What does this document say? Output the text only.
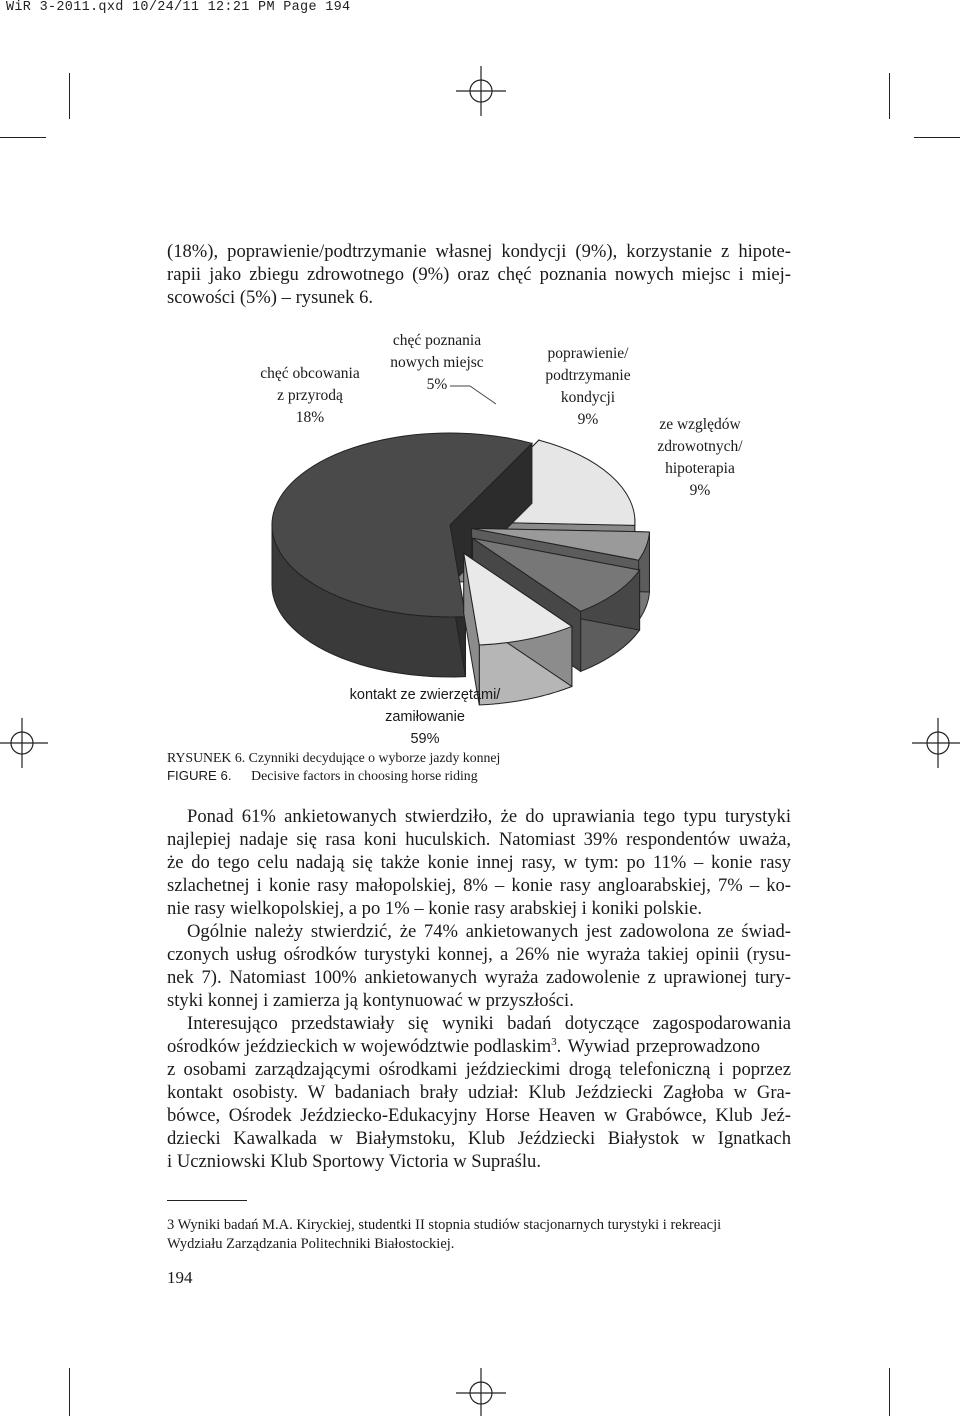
WiR 3-2011.qxd 10/24/11 12:21 PM Page 194
(18%), poprawienie/podtrzymanie własnej kondycji (9%), korzystanie z hipote-
rapii jako zbiegu zdrowotnego (9%) oraz chęć poznania nowych miejsc i miej-
scowości (5%) – rysunek 6.
chęć obcowania
z przyrodą
18%
chęć poznania
nowych miejsc
5%
poprawienie/
podtrzymanie
kondycji
9%	ze względów
zdrowotnych/
hipoterapia
9%
kontakt ze zwierzętami/
zamiłowanie
59%
RYSUNEK 6. Czynniki decydujące o wyborze jazdy konnej
FIGURE 6. Decisive factors in choosing horse riding
Ponad 61% ankietowanych stwierdziło, że do uprawiania tego typu turystyki
najlepiej nadaje się rasa koni huculskich. Natomiast 39% respondentów uważa,
że do tego celu nadają się także konie innej rasy, w tym: po 11% – konie rasy
szlachetnej i konie rasy małopolskiej, 8% – konie rasy angloarabskiej, 7% – ko-
nie rasy wielkopolskiej, a po 1% – konie rasy arabskiej i koniki polskie.
Ogólnie należy stwierdzić, że 74% ankietowanych jest zadowolona ze świad-
czonych usług ośrodków turystyki konnej, a 26% nie wyraża takiej opinii (rysu-
nek 7). Natomiast 100% ankietowanych wyraża zadowolenie z uprawionej tury-
styki konnej i zamierza ją kontynuować w przyszłości.
Interesująco przedstawiały się wyniki badań dotyczące zagospodarowania
ośrodków jeździeckich w województwie podlaskim$^3$. Wywiad przeprowadzono
z osobami zarządzającymi ośrodkami jeździeckimi drogą telefoniczną i poprzez
kontakt osobisty. W badaniach brały udział: Klub Jeździecki Zagłoba w Gra-
bówce, Ośrodek Jeździecko-Edukacyjny Horse Heaven w Grabówce, Klub Jeź-
dziecki Kawalkada w Białymstoku, Klub Jeździecki Białystok w Ignatkach
i Uczniowski Klub Sportowy Victoria w Supraślu.
3 Wyniki badań M.A. Kiryckiej, studentki II stopnia studiów stacjonarnych turystyki i rekreacji
Wydziału Zarządzania Politechniki Białostockiej.
194
